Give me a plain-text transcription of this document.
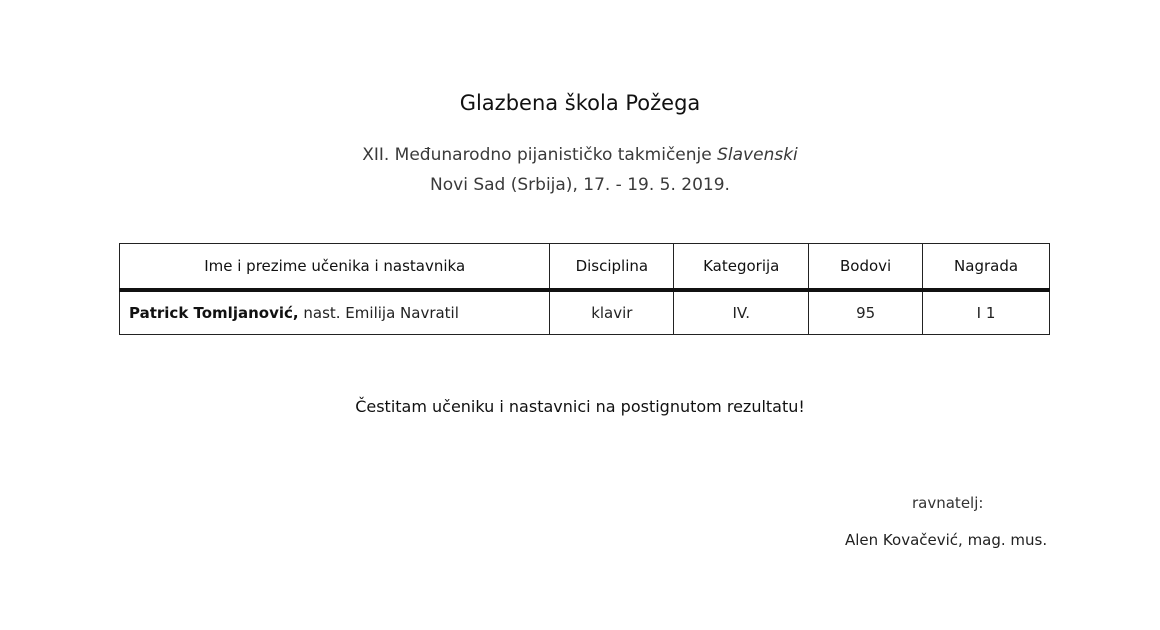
Glazbena škola Požega
XII. Međunarodno pijanističko takmičenje Slavenski
Novi Sad (Srbija), 17. - 19. 5. 2019.
Ime i prezime učenika i nastavnika	Disciplina	Kategorija	Bodovi	Nagrada
Patrick Tomljanović, nast. Emilija Navratil	klavir	IV.	95	I 1
Čestitam učeniku i nastavnici na postignutom rezultatu!
ravnatelj:
Alen Kovačević, mag. mus.
